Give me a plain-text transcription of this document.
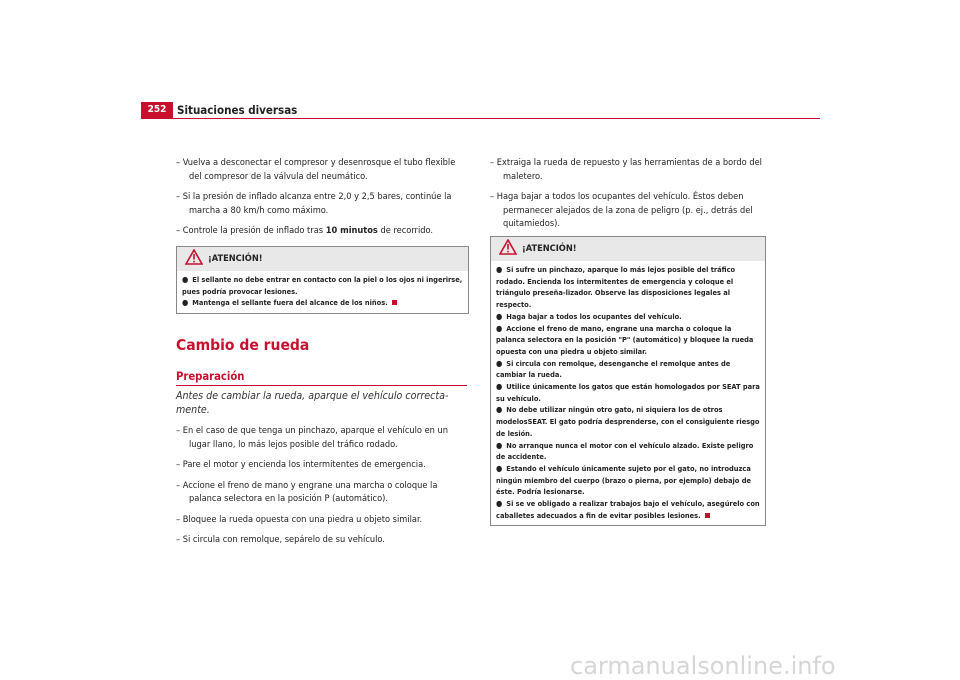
252 Situaciones diversas

– Vuelva a desconectar el compresor y desenrosque el tubo flexible del compresor de la válvula del neumático.

– Si la presión de inflado alcanza entre 2,0 y 2,5 bares, continúe la marcha a 80 km/h como máximo.

– Controle la presión de inflado tras 10 minutos de recorrido.

¡ATENCIÓN!

● El sellante no debe entrar en contacto con la piel o los ojos ni ingerirse, pues podría provocar lesiones.

● Mantenga el sellante fuera del alcance de los niños.

Cambio de rueda
Preparación
Antes de cambiar la rueda, aparque el vehículo correcta-mente.

– En el caso de que tenga un pinchazo, aparque el vehículo en un lugar llano, lo más lejos posible del tráfico rodado.

– Pare el motor y encienda los intermitentes de emergencia.

– Accione el freno de mano y engrane una marcha o coloque la palanca selectora en la posición P (automático).

– Bloquee la rueda opuesta con una piedra u objeto similar.

– Si circula con remolque, sepárelo de su vehículo.

– Extraiga la rueda de repuesto y las herramientas de a bordo del maletero.

– Haga bajar a todos los ocupantes del vehículo. Éstos deben permanecer alejados de la zona de peligro (p. ej., detrás del quitamiedos).

¡ATENCIÓN!

● Si sufre un pinchazo, aparque lo más lejos posible del tráfico rodado. Encienda los intermitentes de emergencia y coloque el triángulo preseña-lizador. Observe las disposiciones legales al respecto.

● Haga bajar a todos los ocupantes del vehículo.

● Accione el freno de mano, engrane una marcha o coloque la palanca selectora en la posición "P" (automático) y bloquee la rueda opuesta con una piedra u objeto similar.

● Si circula con remolque, desenganche el remolque antes de cambiar la rueda.

● Utilice únicamente los gatos que están homologados por SEAT para su vehículo.

● No debe utilizar ningún otro gato, ni siquiera los de otros modelosSEAT. El gato podría desprenderse, con el consiguiente riesgo de lesión.

● No arranque nunca el motor con el vehículo alzado. Existe peligro de accidente.

● Estando el vehículo únicamente sujeto por el gato, no introduzca ningún miembro del cuerpo (brazo o pierna, por ejemplo) debajo de éste. Podría lesionarse.

● Si se ve obligado a realizar trabajos bajo el vehículo, asegúrelo con caballetes adecuados a fin de evitar posibles lesiones.

carmanualsonline.info
